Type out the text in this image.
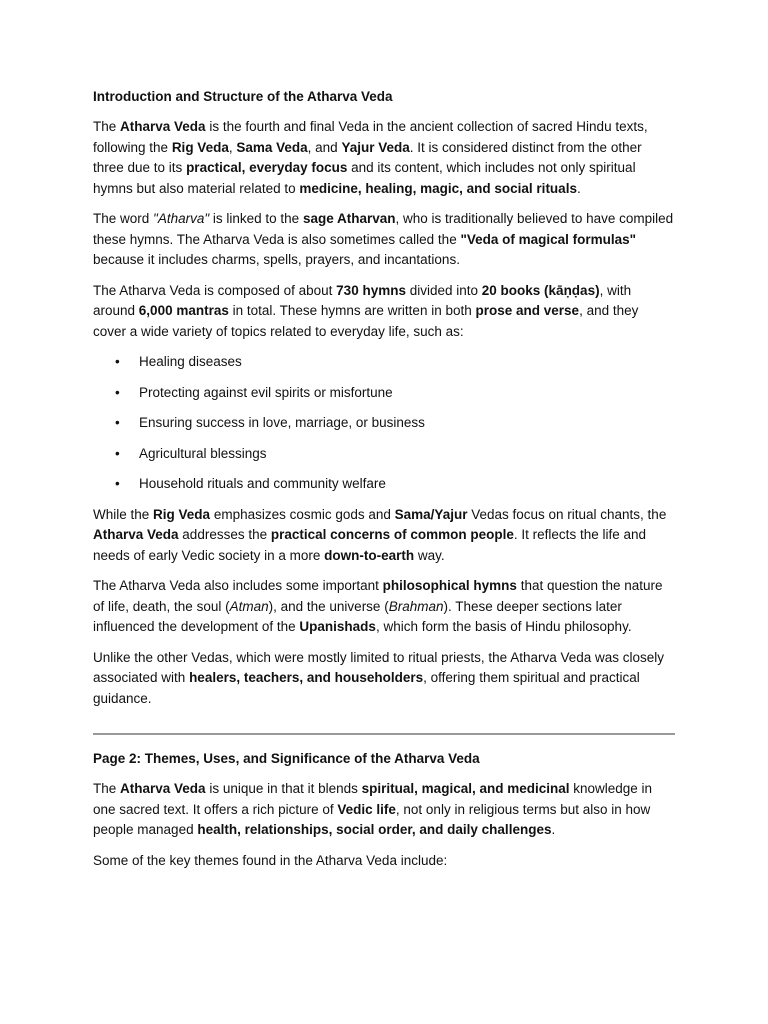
Introduction and Structure of the Atharva Veda

The Atharva Veda is the fourth and final Veda in the ancient collection of sacred Hindu texts, following the Rig Veda, Sama Veda, and Yajur Veda. It is considered distinct from the other three due to its practical, everyday focus and its content, which includes not only spiritual hymns but also material related to medicine, healing, magic, and social rituals.

The word "Atharva" is linked to the sage Atharvan, who is traditionally believed to have compiled these hymns. The Atharva Veda is also sometimes called the "Veda of magical formulas" because it includes charms, spells, prayers, and incantations.

The Atharva Veda is composed of about 730 hymns divided into 20 books (kāṇḍas), with around 6,000 mantras in total. These hymns are written in both prose and verse, and they cover a wide variety of topics related to everyday life, such as:

• Healing diseases
• Protecting against evil spirits or misfortune
• Ensuring success in love, marriage, or business
• Agricultural blessings
• Household rituals and community welfare

While the Rig Veda emphasizes cosmic gods and Sama/Yajur Vedas focus on ritual chants, the Atharva Veda addresses the practical concerns of common people. It reflects the life and needs of early Vedic society in a more down-to-earth way.

The Atharva Veda also includes some important philosophical hymns that question the nature of life, death, the soul (Atman), and the universe (Brahman). These deeper sections later influenced the development of the Upanishads, which form the basis of Hindu philosophy.

Unlike the other Vedas, which were mostly limited to ritual priests, the Atharva Veda was closely associated with healers, teachers, and householders, offering them spiritual and practical guidance.

Page 2: Themes, Uses, and Significance of the Atharva Veda

The Atharva Veda is unique in that it blends spiritual, magical, and medicinal knowledge in one sacred text. It offers a rich picture of Vedic life, not only in religious terms but also in how people managed health, relationships, social order, and daily challenges.

Some of the key themes found in the Atharva Veda include:
